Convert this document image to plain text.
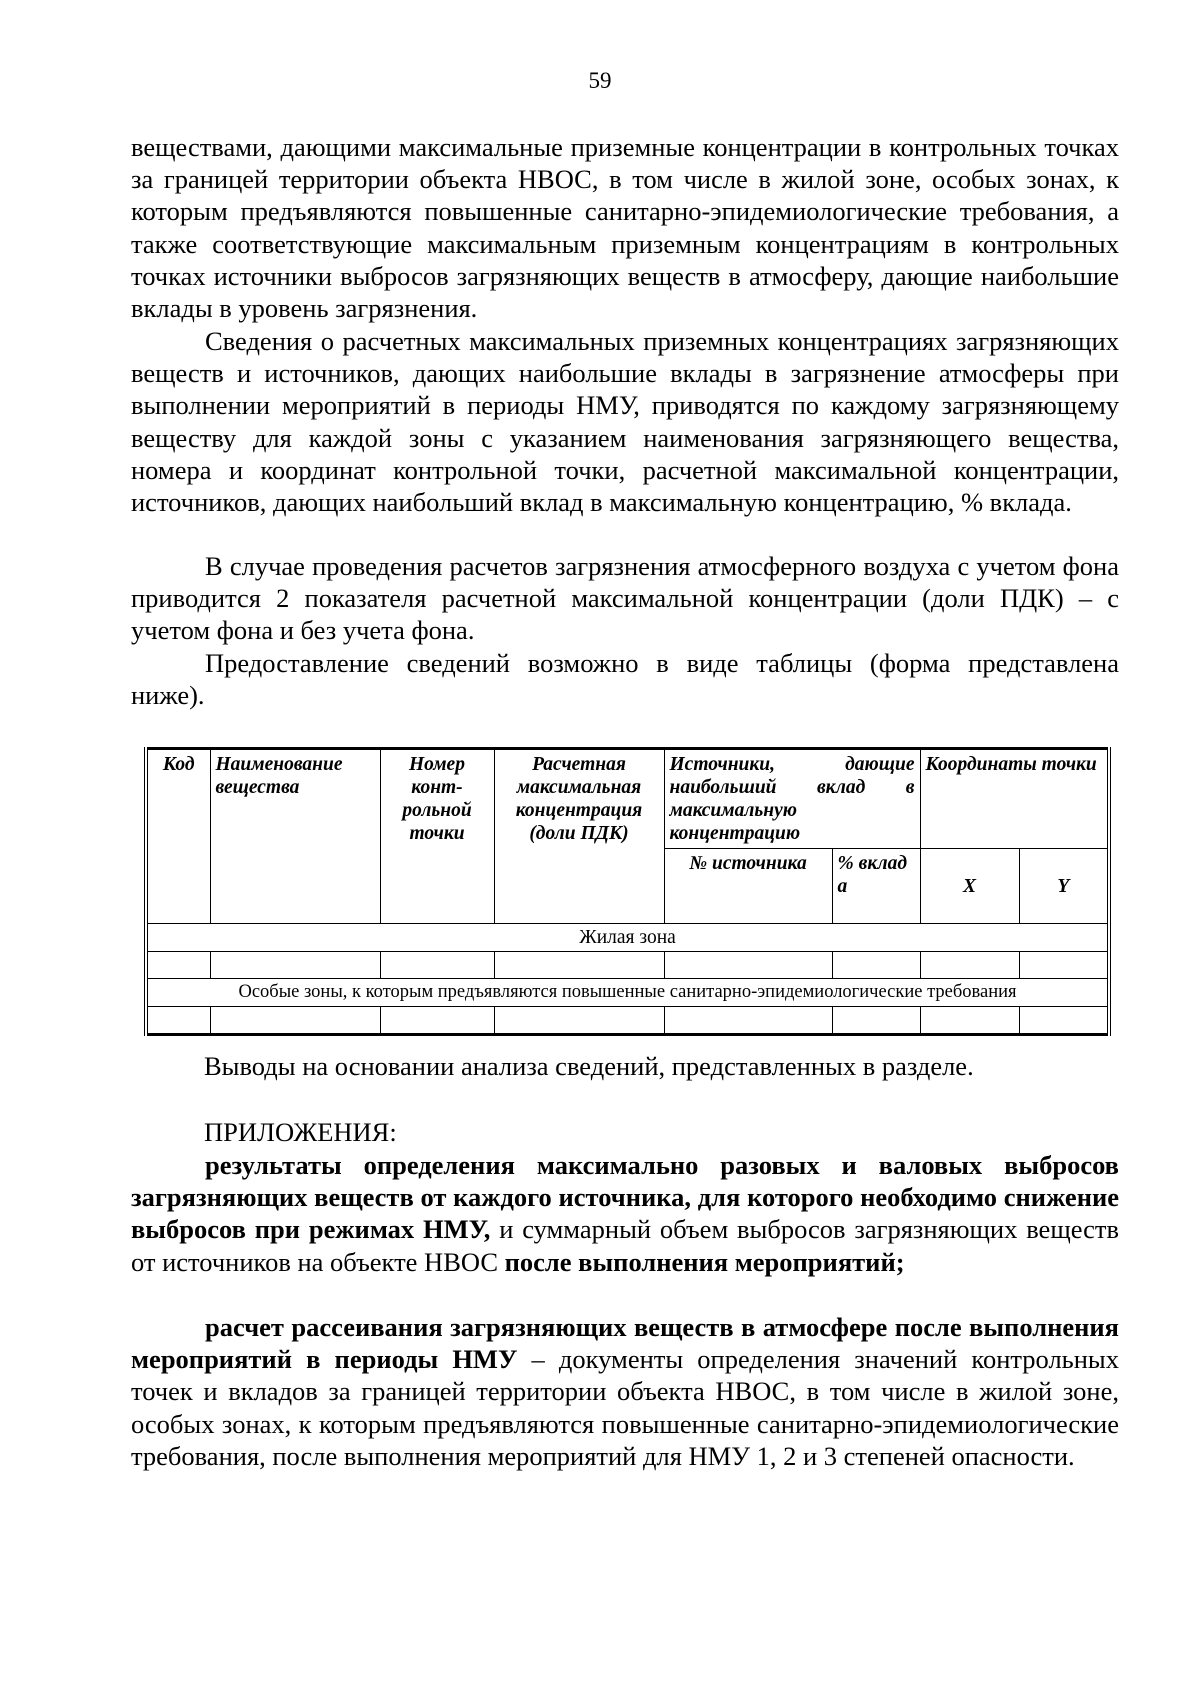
59

веществами, дающими максимальные приземные концентрации в контрольных точках за границей территории объекта НВОС, в том числе в жилой зоне, особых зонах, к которым предъявляются повышенные санитарно-эпидемиологические требования, а также соответствующие максимальным приземным концентрациям в контрольных точках источники выбросов загрязняющих веществ в атмосферу, дающие наибольшие вклады в уровень загрязнения.

Сведения о расчетных максимальных приземных концентрациях загрязняющих веществ и источников, дающих наибольшие вклады в загрязнение атмосферы при выполнении мероприятий в периоды НМУ, приводятся по каждому загрязняющему веществу для каждой зоны с указанием наименования загрязняющего вещества, номера и координат контрольной точки, расчетной максимальной концентрации, источников, дающих наибольший вклад в максимальную концентрацию, % вклада.

В случае проведения расчетов загрязнения атмосферного воздуха с учетом фона приводится 2 показателя расчетной максимальной концентрации (доли ПДК) – с учетом фона и без учета фона.

Предоставление сведений возможно в виде таблицы (форма представлена ниже).

Код	Наименование вещества	Номер конт-рольной точки	Расчетная максимальная концентрация (доли ПДК)	Источники, дающие наибольший вклад в максимальную концентрацию		Координаты точки	
				№ источника	% вклад а	X	Y
Жилая зона							

Особые зоны, к которым предъявляются повышенные санитарно-эпидемиологические требования							

Выводы на основании анализа сведений, представленных в разделе.

ПРИЛОЖЕНИЯ:

результаты определения максимально разовых и валовых выбросов загрязняющих веществ от каждого источника, для которого необходимо снижение выбросов при режимах НМУ, и суммарный объем выбросов загрязняющих веществ от источников на объекте НВОС после выполнения мероприятий;

расчет рассеивания загрязняющих веществ в атмосфере после выполнения мероприятий в периоды НМУ – документы определения значений контрольных точек и вкладов за границей территории объекта НВОС, в том числе в жилой зоне, особых зонах, к которым предъявляются повышенные санитарно-эпидемиологические требования, после выполнения мероприятий для НМУ 1, 2 и 3 степеней опасности.
